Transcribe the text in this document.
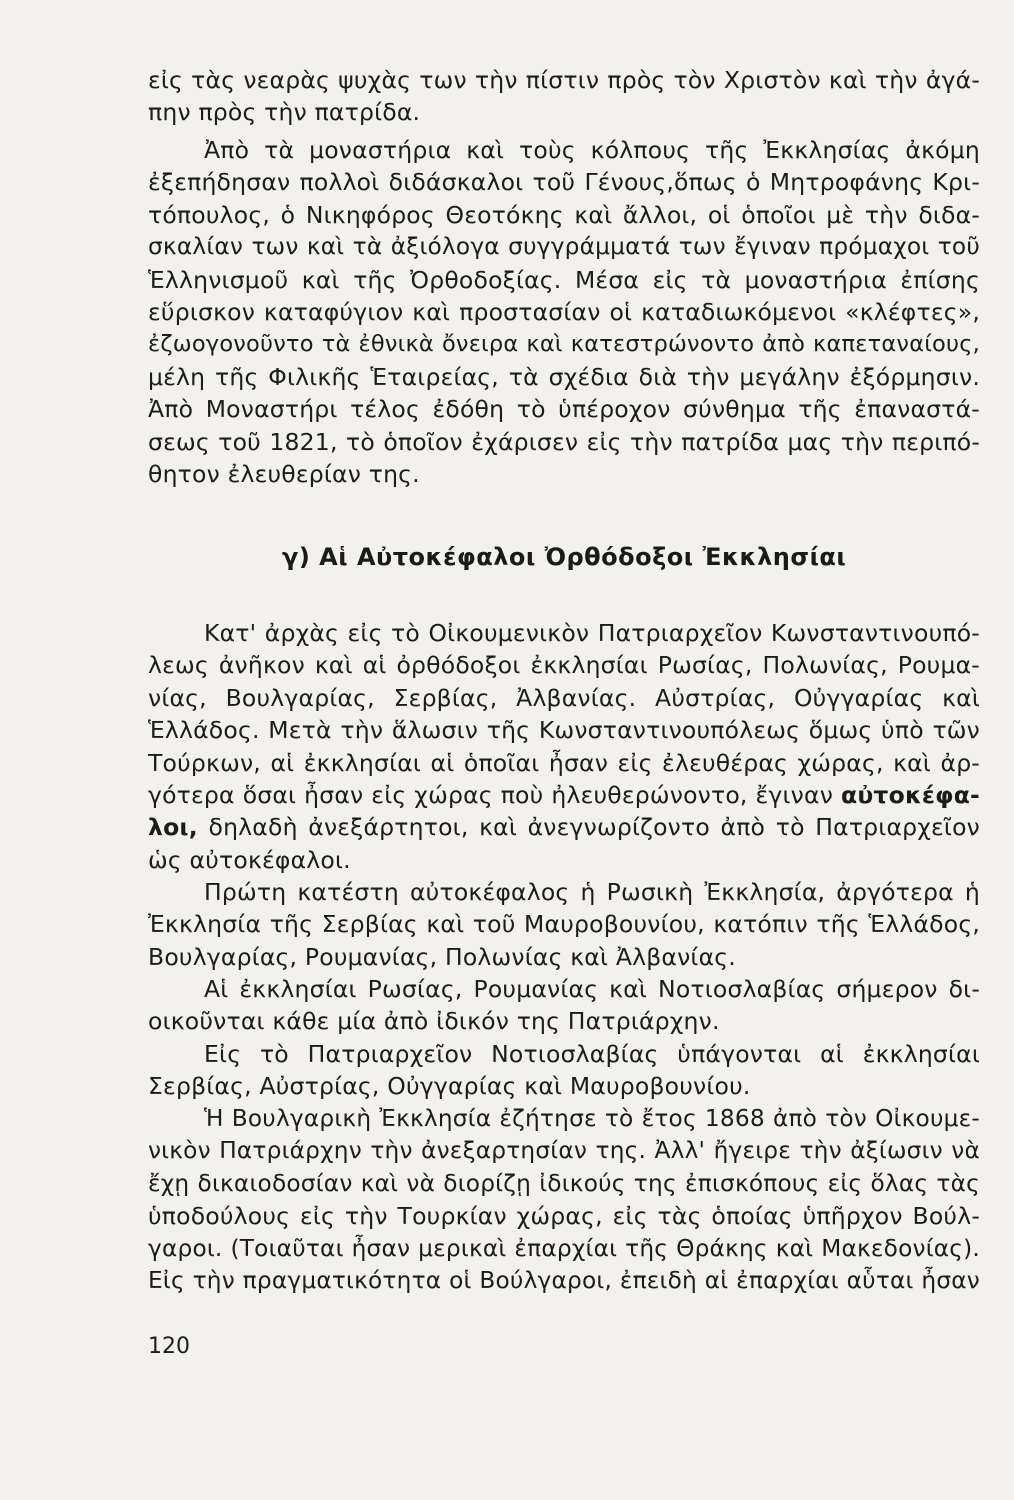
εἰς τὰς νεαρὰς ψυχὰς των τὴν πίστιν πρὸς τὸν Χριστὸν καὶ τὴν ἀγά-
πην πρὸς τὴν πατρίδα.
Ἀπὸ τὰ μοναστήρια καὶ τοὺς κόλπους τῆς Ἐκκλησίας ἀκόμη
ἐξεπήδησαν πολλοὶ διδάσκαλοι τοῦ Γένους,ὅπως ὁ Μητροφάνης Κρι-
τόπουλος, ὁ Νικηφόρος Θεοτόκης καὶ ἄλλοι, οἱ ὁποῖοι μὲ τὴν διδα-
σκαλίαν των καὶ τὰ ἀξιόλογα συγγράμματά των ἔγιναν πρόμαχοι τοῦ
Ἑλληνισμοῦ καὶ τῆς Ὀρθοδοξίας. Μέσα εἰς τὰ μοναστήρια ἐπίσης
εὕρισκον καταφύγιον καὶ προστασίαν οἱ καταδιωκόμενοι «κλέφτες»,
ἐζωογονοῦντο τὰ ἐθνικὰ ὄνειρα καὶ κατεστρώνοντο ἀπὸ καπεταναίους,
μέλη τῆς Φιλικῆς Ἑταιρείας, τὰ σχέδια διὰ τὴν μεγάλην ἐξόρμησιν.
Ἀπὸ Μοναστήρι τέλος ἐδόθη τὸ ὑπέροχον σύνθημα τῆς ἐπαναστά-
σεως τοῦ 1821, τὸ ὁποῖον ἐχάρισεν εἰς τὴν πατρίδα μας τὴν περιπό-
θητον ἐλευθερίαν της.
γ) Αἱ Αὐτοκέφαλοι Ὀρθόδοξοι Ἐκκλησίαι
Κατ' ἀρχὰς εἰς τὸ Οἰκουμενικὸν Πατριαρχεῖον Κωνσταντινουπό-
λεως ἀνῆκον καὶ αἱ ὀρθόδοξοι ἐκκλησίαι Ρωσίας, Πολωνίας, Ρουμα-
νίας, Βουλγαρίας, Σερβίας, Ἀλβανίας. Αὐστρίας, Οὐγγαρίας καὶ
Ἑλλάδος. Μετὰ τὴν ἅλωσιν τῆς Κωνσταντινουπόλεως ὅμως ὑπὸ τῶν
Τούρκων, αἱ ἐκκλησίαι αἱ ὁποῖαι ἦσαν εἰς ἐλευθέρας χώρας, καὶ ἀρ-
γότερα ὅσαι ἦσαν εἰς χώρας ποὺ ἠλευθερώνοντο, ἔγιναν αὐτοκέφα-
λοι, δηλαδὴ ἀνεξάρτητοι, καὶ ἀνεγνωρίζοντο ἀπὸ τὸ Πατριαρχεῖον
ὡς αὐτοκέφαλοι.
Πρώτη κατέστη αὐτοκέφαλος ἡ Ρωσικὴ Ἐκκλησία, ἀργότερα ἡ
Ἐκκλησία τῆς Σερβίας καὶ τοῦ Μαυροβουνίου, κατόπιν τῆς Ἑλλάδος,
Βουλγαρίας, Ρουμανίας, Πολωνίας καὶ Ἀλβανίας.
Αἱ ἐκκλησίαι Ρωσίας, Ρουμανίας καὶ Νοτιοσλαβίας σήμερον δι-
οικοῦνται κάθε μία ἀπὸ ἰδικόν της Πατριάρχην.
Εἰς τὸ Πατριαρχεῖον Νοτιοσλαβίας ὑπάγονται αἱ ἐκκλησίαι
Σερβίας, Αὐστρίας, Οὐγγαρίας καὶ Μαυροβουνίου.
Ἡ Βουλγαρικὴ Ἐκκλησία ἐζήτησε τὸ ἔτος 1868 ἀπὸ τὸν Οἰκουμε-
νικὸν Πατριάρχην τὴν ἀνεξαρτησίαν της. Ἀλλ' ἤγειρε τὴν ἀξίωσιν νὰ
ἔχῃ δικαιοδοσίαν καὶ νὰ διορίζῃ ἰδικούς της ἐπισκόπους εἰς ὅλας τὰς
ὑποδούλους εἰς τὴν Τουρκίαν χώρας, εἰς τὰς ὁποίας ὑπῆρχον Βούλ-
γαροι. (Τοιαῦται ἦσαν μερικαὶ ἐπαρχίαι τῆς Θράκης καὶ Μακεδονίας).
Εἰς τὴν πραγματικότητα οἱ Βούλγαροι, ἐπειδὴ αἱ ἐπαρχίαι αὗται ἦσαν
120
